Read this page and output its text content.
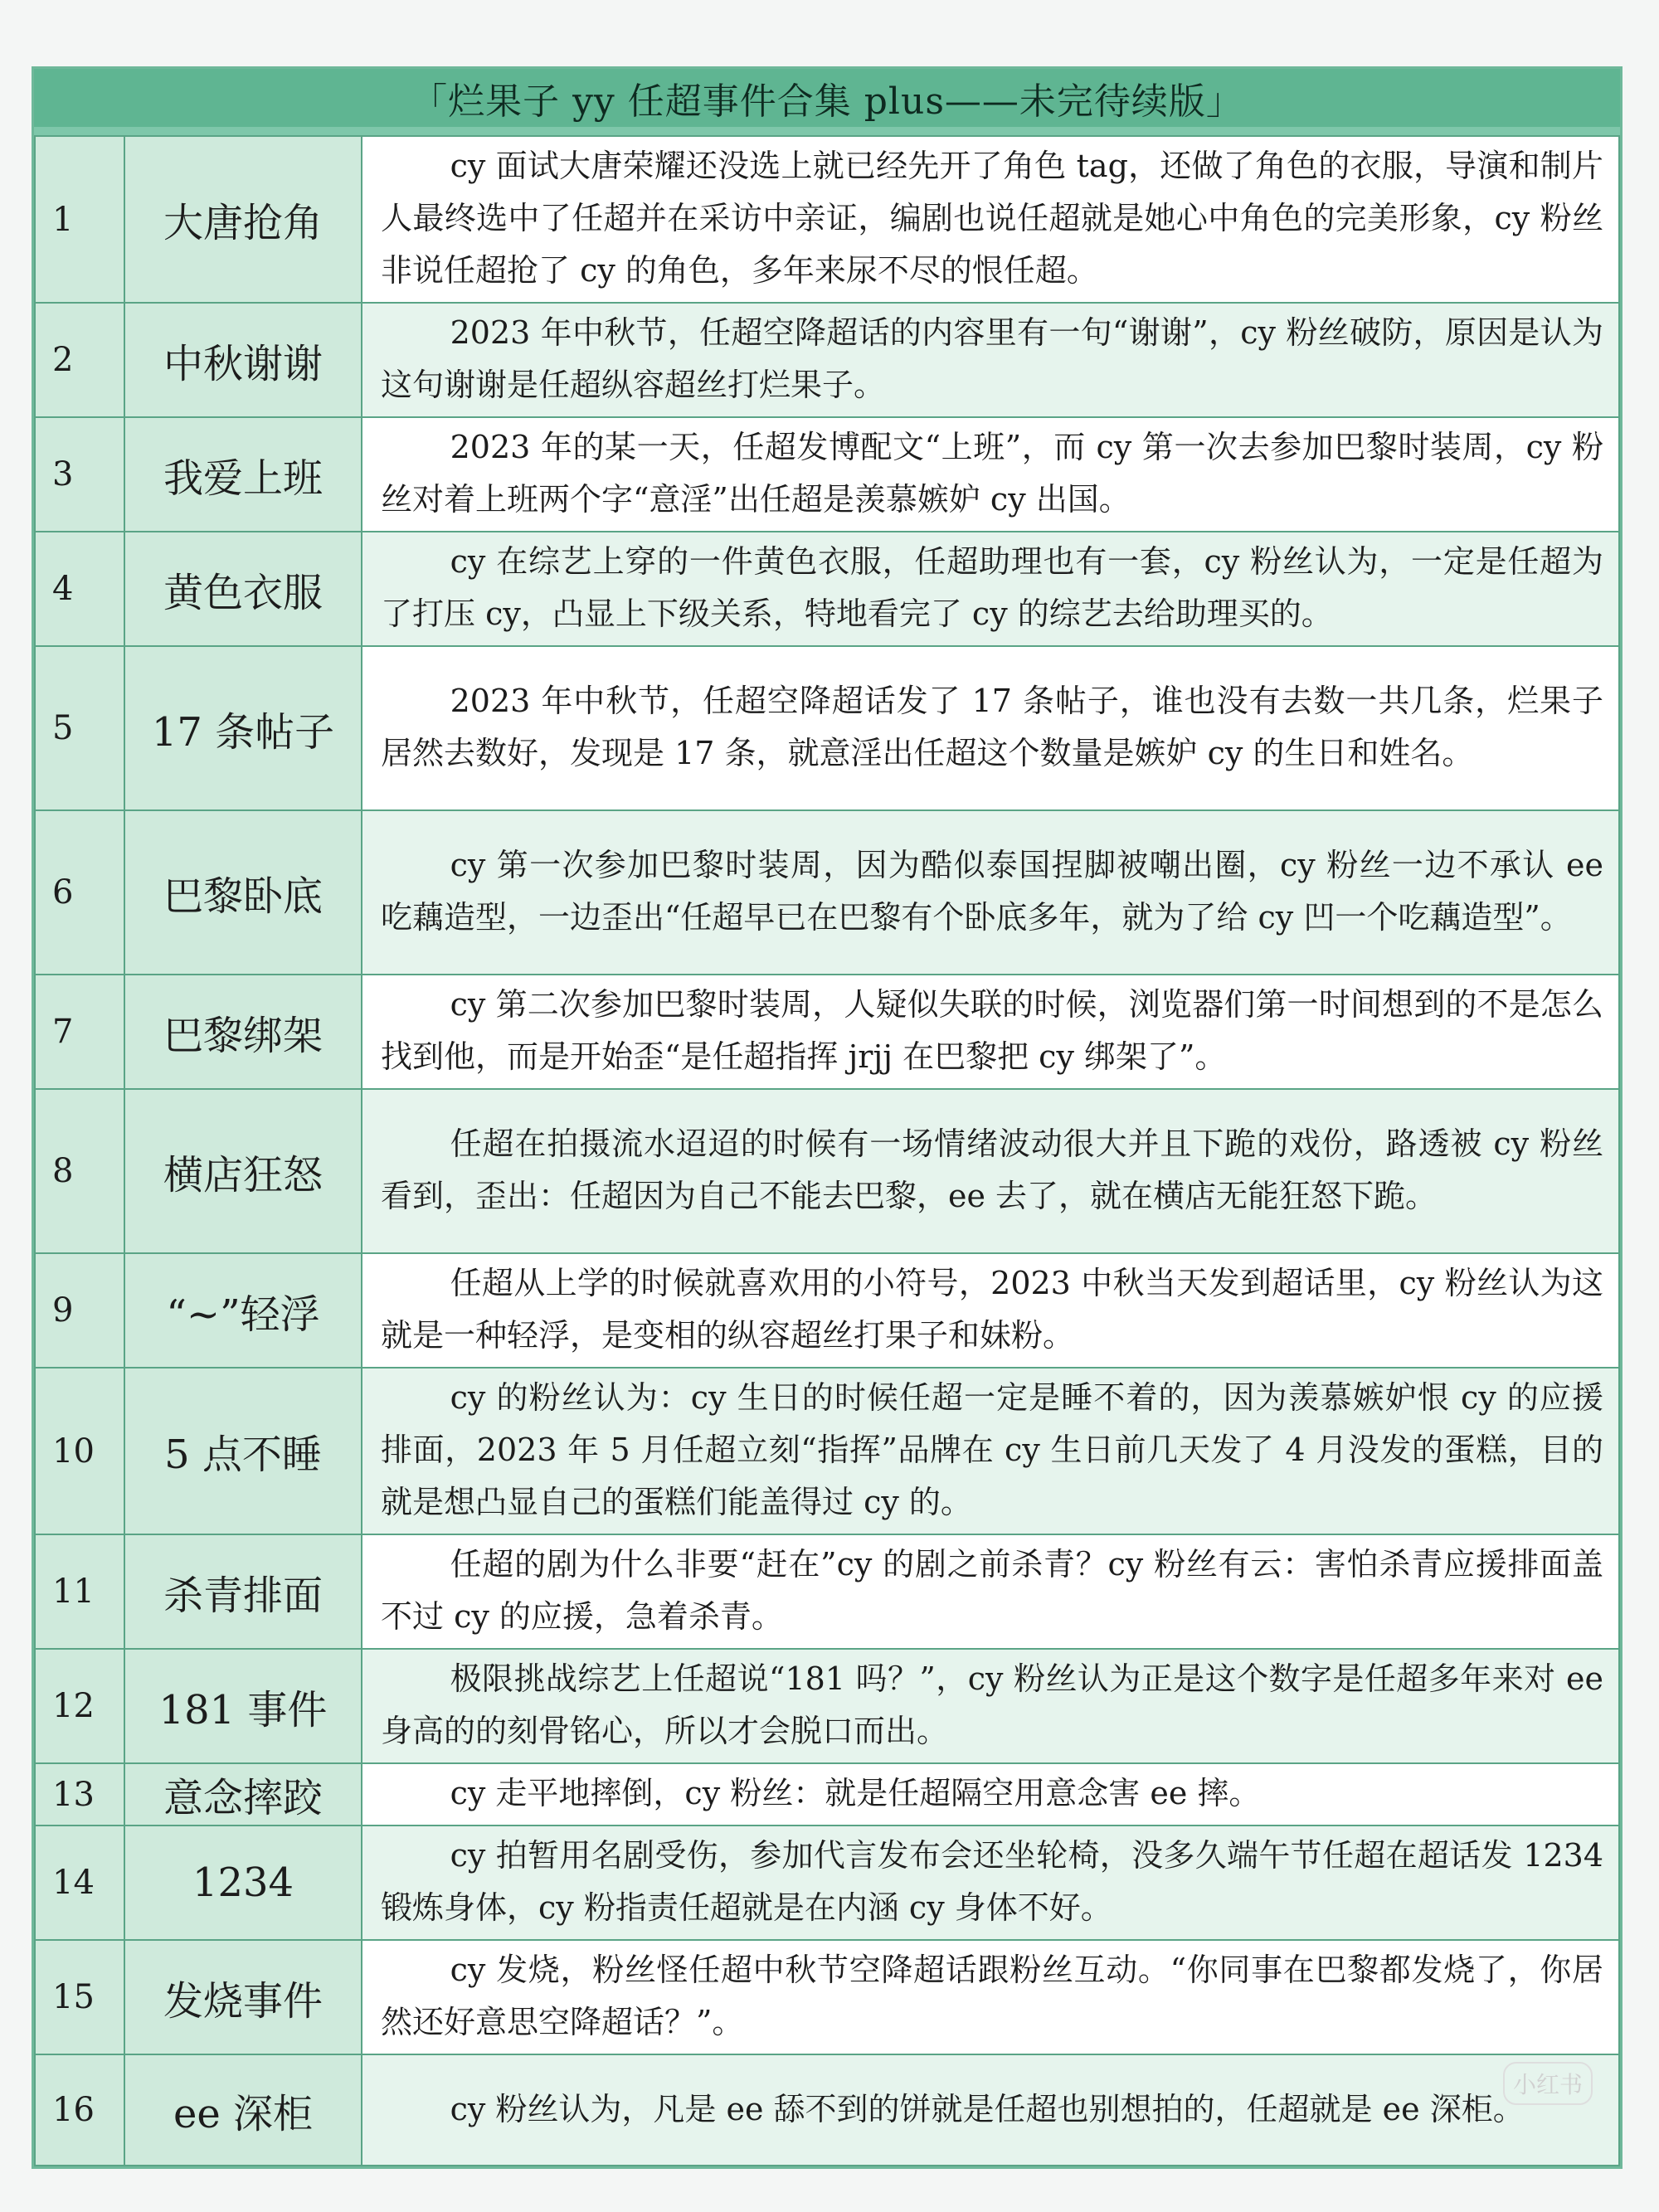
「烂果子 yy 任超事件合集 plus——未完待续版」
1	大唐抢角	cy 面试大唐荣耀还没选上就已经先开了角色 tag，还做了角色的衣服，导演和制片人最终选中了任超并在采访中亲证，编剧也说任超就是她心中角色的完美形象，cy 粉丝非说任超抢了 cy 的角色，多年来尿不尽的恨任超。
2	中秋谢谢	2023 年中秋节，任超空降超话的内容里有一句“谢谢”，cy 粉丝破防，原因是认为这句谢谢是任超纵容超丝打烂果子。
3	我爱上班	2023 年的某一天，任超发博配文“上班”，而 cy 第一次去参加巴黎时装周，cy 粉丝对着上班两个字“意淫”出任超是羡慕嫉妒 cy 出国。
4	黄色衣服	cy 在综艺上穿的一件黄色衣服，任超助理也有一套，cy 粉丝认为，一定是任超为了打压 cy，凸显上下级关系，特地看完了 cy 的综艺去给助理买的。
5	17 条帖子	2023 年中秋节，任超空降超话发了 17 条帖子，谁也没有去数一共几条，烂果子居然去数好，发现是 17 条，就意淫出任超这个数量是嫉妒 cy 的生日和姓名。
6	巴黎卧底	cy 第一次参加巴黎时装周，因为酷似泰国捏脚被嘲出圈，cy 粉丝一边不承认 ee 吃藕造型，一边歪出“任超早已在巴黎有个卧底多年，就为了给 cy 凹一个吃藕造型”。
7	巴黎绑架	cy 第二次参加巴黎时装周，人疑似失联的时候，浏览器们第一时间想到的不是怎么找到他，而是开始歪“是任超指挥 jrjj 在巴黎把 cy 绑架了”。
8	横店狂怒	任超在拍摄流水迢迢的时候有一场情绪波动很大并且下跪的戏份，路透被 cy 粉丝看到，歪出：任超因为自己不能去巴黎，ee 去了，就在横店无能狂怒下跪。
9	“~”轻浮	任超从上学的时候就喜欢用的小符号，2023 中秋当天发到超话里，cy 粉丝认为这就是一种轻浮，是变相的纵容超丝打果子和妹粉。
10	5 点不睡	cy 的粉丝认为：cy 生日的时候任超一定是睡不着的，因为羡慕嫉妒恨 cy 的应援 排面，2023 年 5 月任超立刻“指挥”品牌在 cy 生日前几天发了 4 月没发的蛋糕，目的就是想凸显自己的蛋糕们能盖得过 cy 的。
11	杀青排面	任超的剧为什么非要“赶在”cy 的剧之前杀青？cy 粉丝有云：害怕杀青应援排面盖不过 cy 的应援，急着杀青。
12	181 事件	极限挑战综艺上任超说“181 吗？”，cy 粉丝认为正是这个数字是任超多年来对 ee 身高的的刻骨铭心，所以才会脱口而出。
13	意念摔跤	cy 走平地摔倒，cy 粉丝：就是任超隔空用意念害 ee 摔。
14	1234	cy 拍暂用名剧受伤，参加代言发布会还坐轮椅，没多久端午节任超在超话发 1234 锻炼身体，cy 粉指责任超就是在内涵 cy 身体不好。
15	发烧事件	cy 发烧，粉丝怪任超中秋节空降超话跟粉丝互动。“你同事在巴黎都发烧了，你居然还好意思空降超话？”。
16	ee 深柜	cy 粉丝认为，凡是 ee 舔不到的饼就是任超也别想拍的，任超就是 ee 深柜。
小红书
